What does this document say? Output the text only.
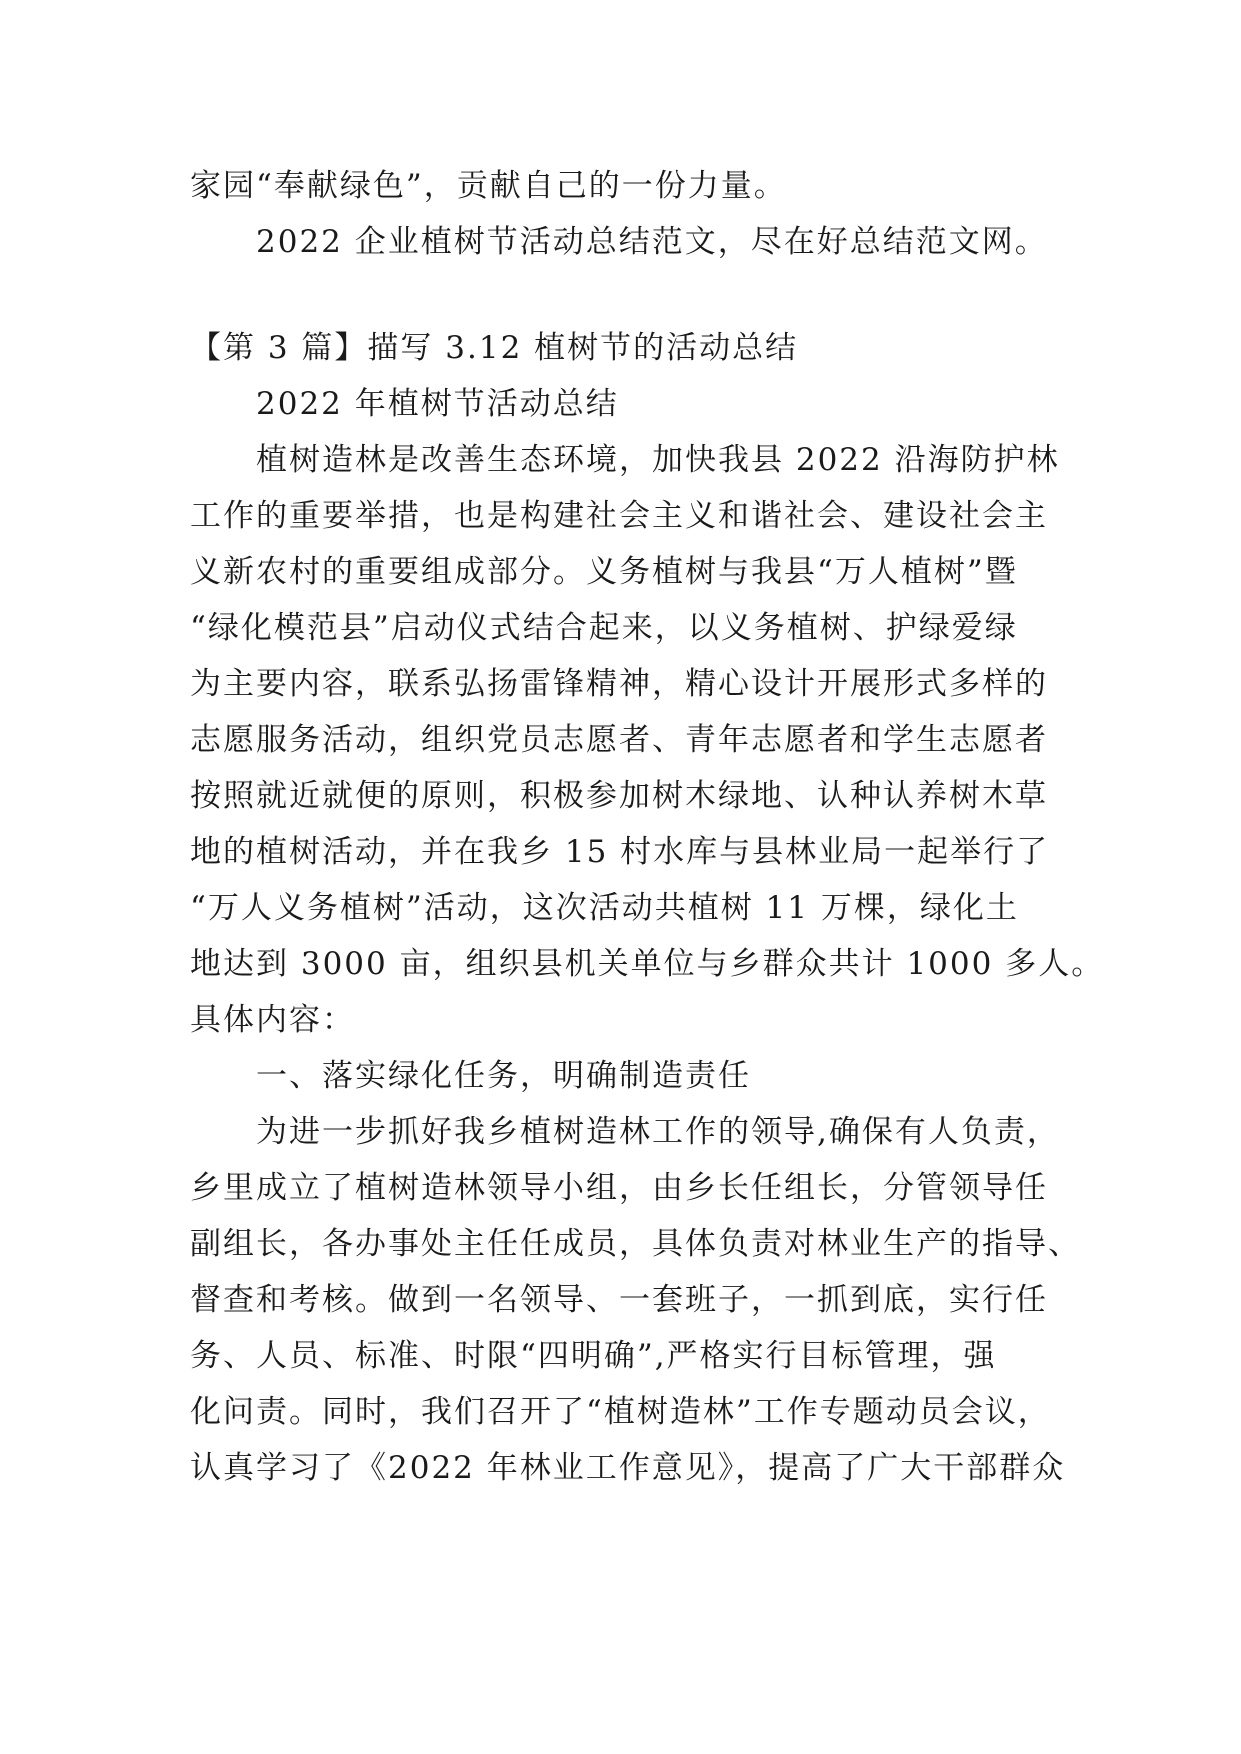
家园“奉献绿色”，贡献自己的一份力量。
2022 企业植树节活动总结范文，尽在好总结范文网。
【第 3 篇】描写 3.12 植树节的活动总结
2022 年植树节活动总结
植树造林是改善生态环境，加快我县 2022 沿海防护林
工作的重要举措，也是构建社会主义和谐社会、建设社会主
义新农村的重要组成部分。义务植树与我县“万人植树”暨
“绿化模范县”启动仪式结合起来，以义务植树、护绿爱绿
为主要内容，联系弘扬雷锋精神，精心设计开展形式多样的
志愿服务活动，组织党员志愿者、青年志愿者和学生志愿者
按照就近就便的原则，积极参加树木绿地、认种认养树木草
地的植树活动，并在我乡 15 村水库与县林业局一起举行了
“万人义务植树”活动，这次活动共植树 11 万棵，绿化土
地达到 3000 亩，组织县机关单位与乡群众共计 1000 多人。
具体内容：
一、落实绿化任务，明确制造责任
为进一步抓好我乡植树造林工作的领导,确保有人负责，
乡里成立了植树造林领导小组，由乡长任组长，分管领导任
副组长，各办事处主任任成员，具体负责对林业生产的指导、
督查和考核。做到一名领导、一套班子，一抓到底，实行任
务、人员、标准、时限“四明确”,严格实行目标管理，强
化问责。同时，我们召开了“植树造林”工作专题动员会议，
认真学习了《2022 年林业工作意见》，提高了广大干部群众
